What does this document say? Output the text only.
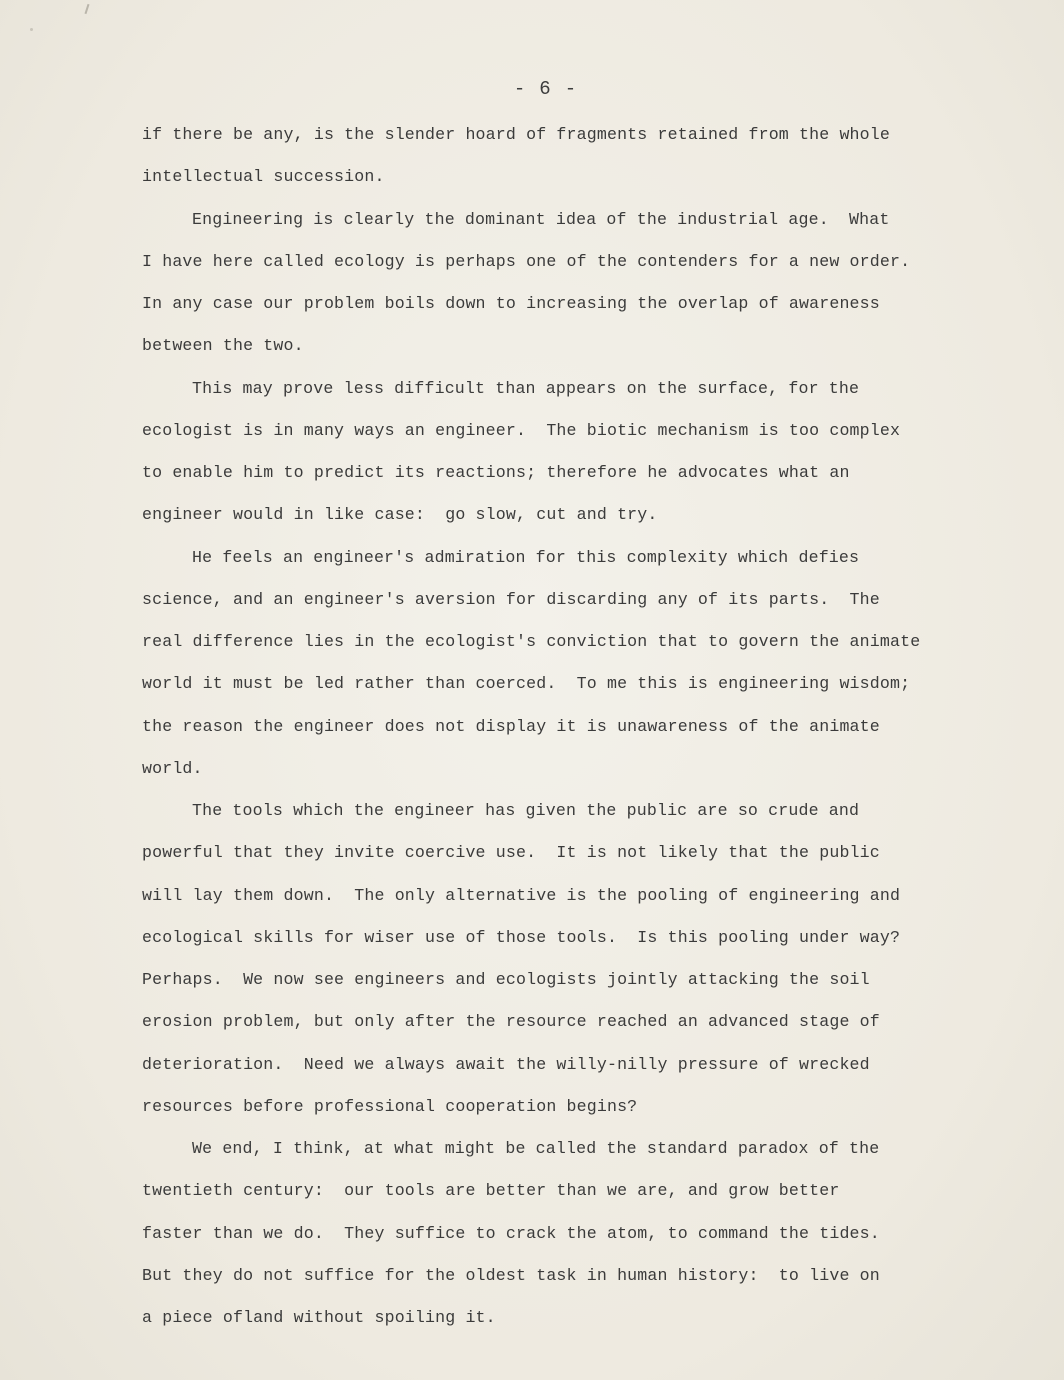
- 6 -
if there be any, is the slender hoard of fragments retained from the whole
intellectual succession.
Engineering is clearly the dominant idea of the industrial age.  What
I have here called ecology is perhaps one of the contenders for a new order.
In any case our problem boils down to increasing the overlap of awareness
between the two.
This may prove less difficult than appears on the surface, for the
ecologist is in many ways an engineer.  The biotic mechanism is too complex
to enable him to predict its reactions; therefore he advocates what an
engineer would in like case:  go slow, cut and try.
He feels an engineer's admiration for this complexity which defies
science, and an engineer's aversion for discarding any of its parts.  The
real difference lies in the ecologist's conviction that to govern the animate
world it must be led rather than coerced.  To me this is engineering wisdom;
the reason the engineer does not display it is unawareness of the animate
world.
The tools which the engineer has given the public are so crude and
powerful that they invite coercive use.  It is not likely that the public
will lay them down.  The only alternative is the pooling of engineering and
ecological skills for wiser use of those tools.  Is this pooling under way?
Perhaps.  We now see engineers and ecologists jointly attacking the soil
erosion problem, but only after the resource reached an advanced stage of
deterioration.  Need we always await the willy-nilly pressure of wrecked
resources before professional cooperation begins?
We end, I think, at what might be called the standard paradox of the
twentieth century:  our tools are better than we are, and grow better
faster than we do.  They suffice to crack the atom, to command the tides.
But they do not suffice for the oldest task in human history:  to live on
a piece ofland without spoiling it.
